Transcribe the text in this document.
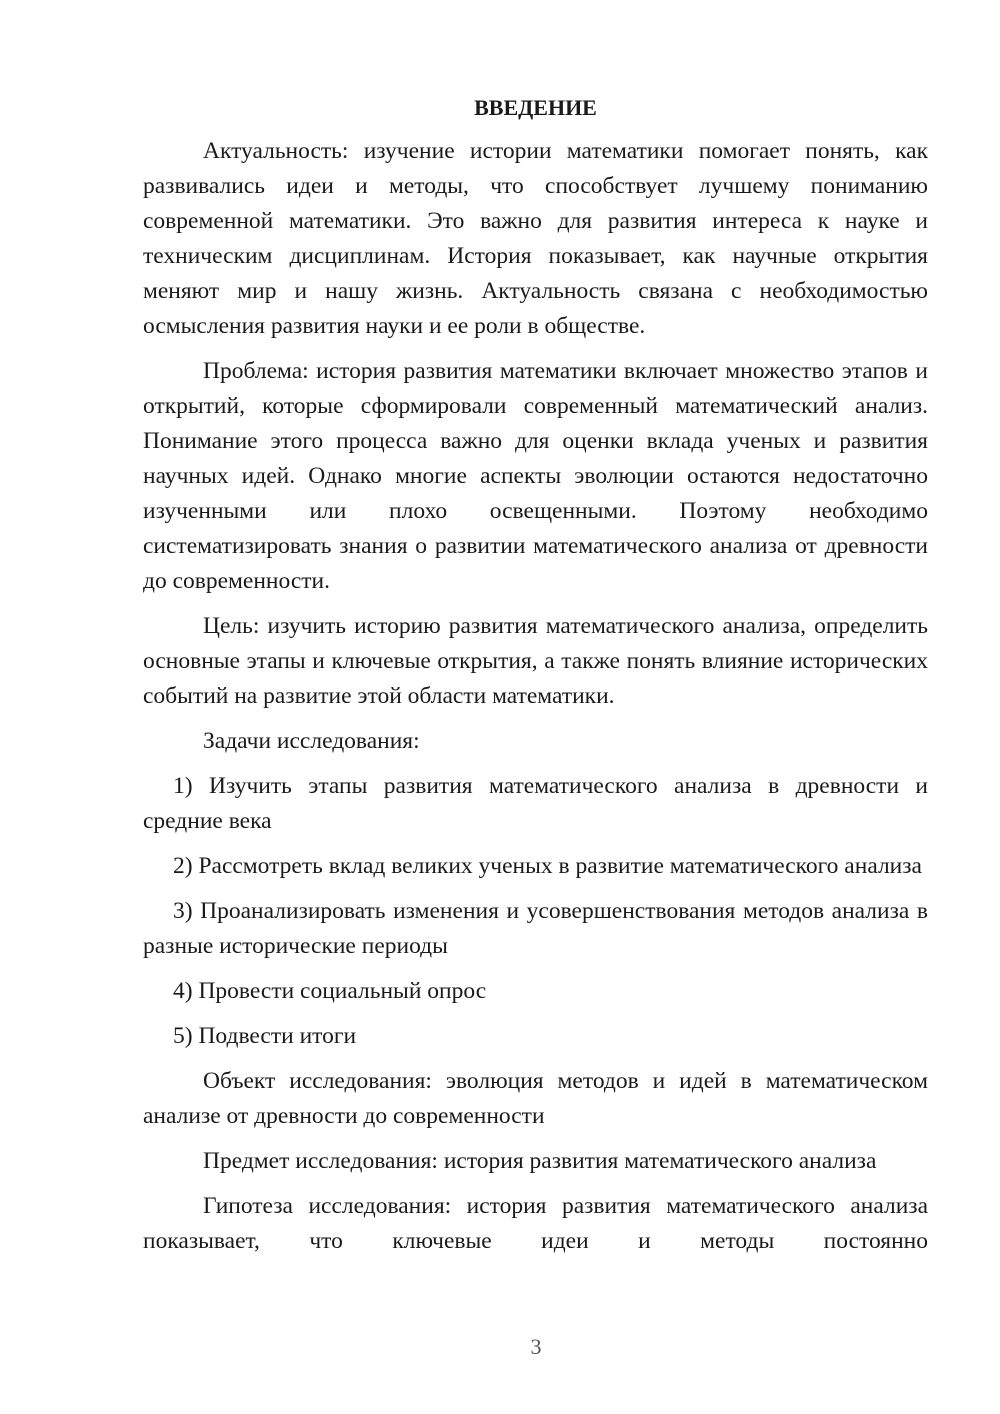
ВВЕДЕНИЕ

Актуальность: изучение истории математики помогает понять, как развивались идеи и методы, что способствует лучшему пониманию современной математики. Это важно для развития интереса к науке и техническим дисциплинам. История показывает, как научные открытия меняют мир и нашу жизнь. Актуальность связана с необходимостью осмысления развития науки и ее роли в обществе.

Проблема: история развития математики включает множество этапов и открытий, которые сформировали современный математический анализ. Понимание этого процесса важно для оценки вклада ученых и развития научных идей. Однако многие аспекты эволюции остаются недостаточно изученными или плохо освещенными. Поэтому необходимо систематизировать знания о развитии математического анализа от древности до современности.

Цель: изучить историю развития математического анализа, определить основные этапы и ключевые открытия, а также понять влияние исторических событий на развитие этой области математики.

Задачи исследования:

1) Изучить этапы развития математического анализа в древности и средние века

2) Рассмотреть вклад великих ученых в развитие математического анализа

3) Проанализировать изменения и усовершенствования методов анализа в разные исторические периоды

4) Провести социальный опрос

5) Подвести итоги

Объект исследования: эволюция методов и идей в математическом анализе от древности до современности

Предмет исследования: история развития математического анализа

Гипотеза исследования: история развития математического анализа показывает, что ключевые идеи и методы постоянно

3
